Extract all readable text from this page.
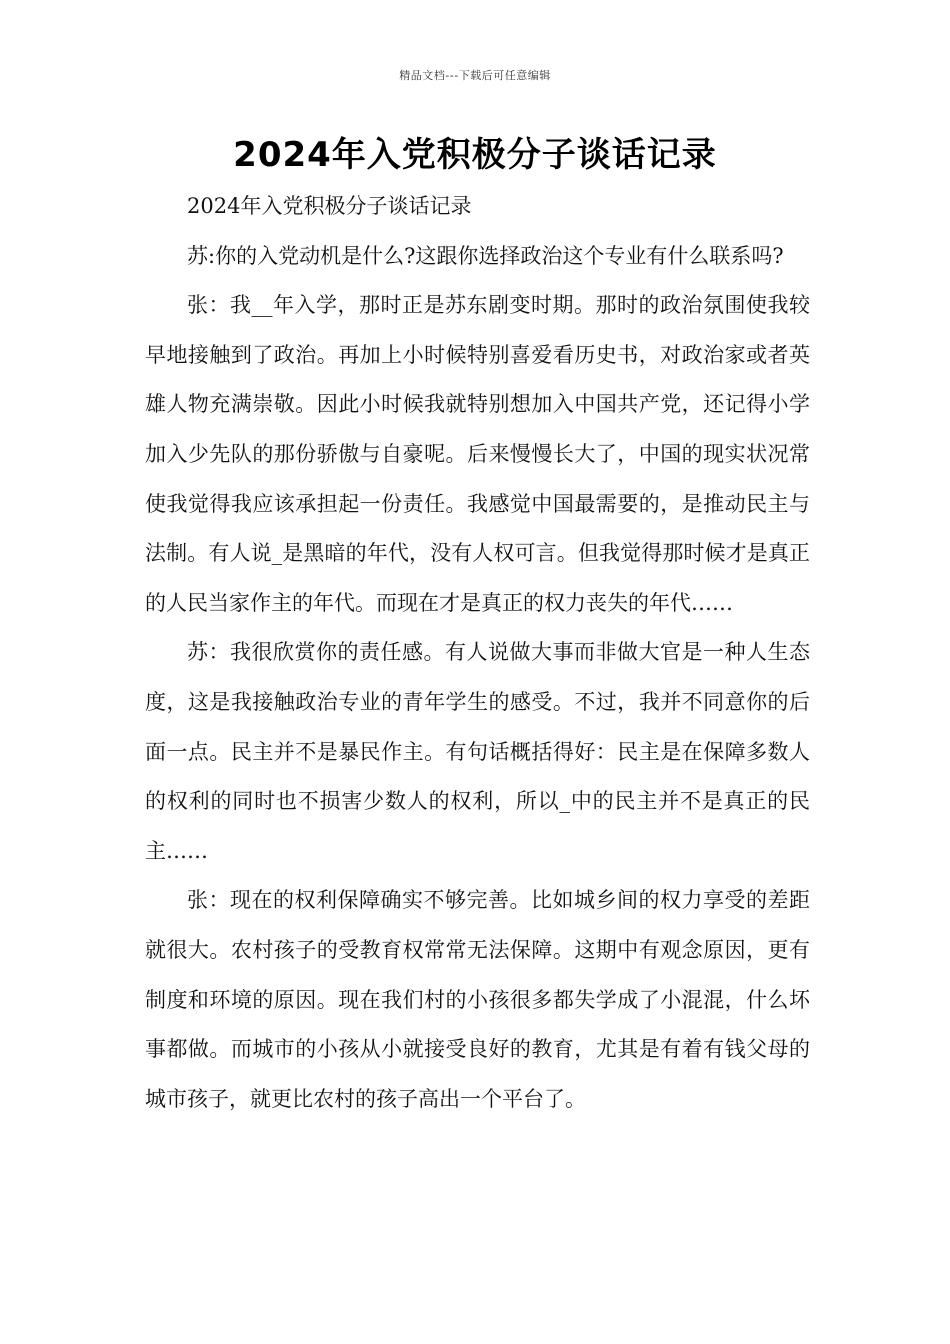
精品文档---下载后可任意编辑
2024年入党积极分子谈话记录

2024年入党积极分子谈话记录

苏:你的入党动机是什么?这跟你选择政治这个专业有什么联系吗?

张：我__年入学，那时正是苏东剧变时期。那时的政治氛围使我较早地接触到了政治。再加上小时候特别喜爱看历史书，对政治家或者英雄人物充满崇敬。因此小时候我就特别想加入中国共产党，还记得小学加入少先队的那份骄傲与自豪呢。后来慢慢长大了，中国的现实状况常使我觉得我应该承担起一份责任。我感觉中国最需要的，是推动民主与法制。有人说_是黑暗的年代，没有人权可言。但我觉得那时候才是真正的人民当家作主的年代。而现在才是真正的权力丧失的年代……

苏：我很欣赏你的责任感。有人说做大事而非做大官是一种人生态度，这是我接触政治专业的青年学生的感受。不过，我并不同意你的后面一点。民主并不是暴民作主。有句话概括得好：民主是在保障多数人的权利的同时也不损害少数人的权利，所以_中的民主并不是真正的民主……

张：现在的权利保障确实不够完善。比如城乡间的权力享受的差距就很大。农村孩子的受教育权常常无法保障。这期中有观念原因，更有制度和环境的原因。现在我们村的小孩很多都失学成了小混混，什么坏事都做。而城市的小孩从小就接受良好的教育，尤其是有着有钱父母的城市孩子，就更比农村的孩子高出一个平台了。
